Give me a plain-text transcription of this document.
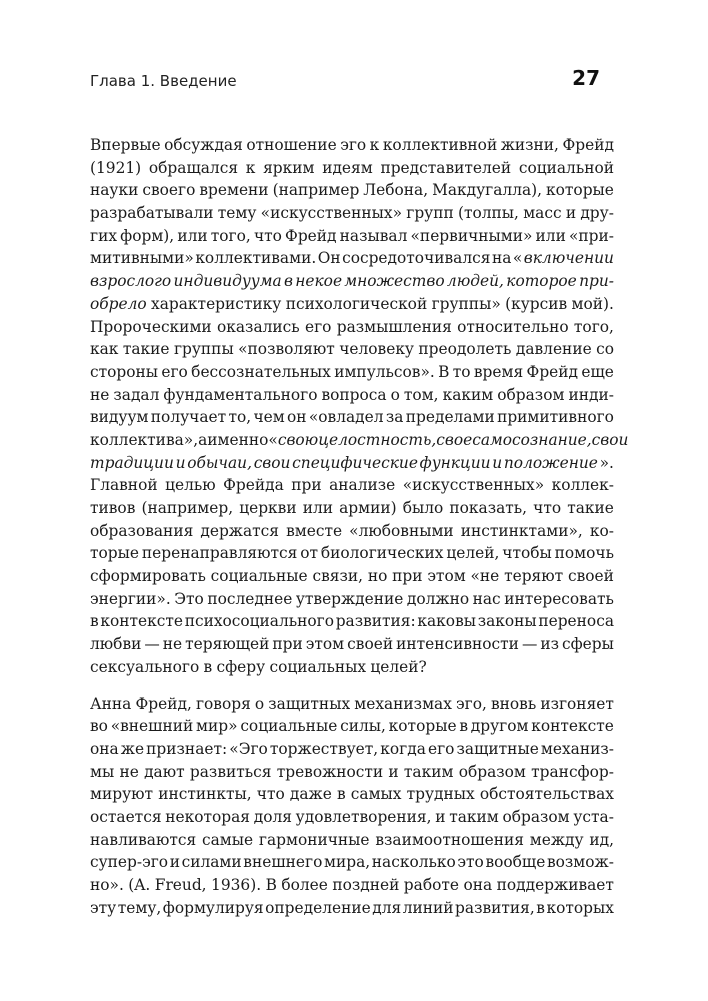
Глава 1. Введение	27
Впервые обсуждая отношение эго к коллективной жизни, Фрейд
(1921) обращался к ярким идеям представителей социальной
науки своего времени (например Лебона, Макдугалла), которые
разрабатывали тему «искусственных» групп (толпы, масс и дру-
гих форм), или того, что Фрейд называл «первичными» или «при-
митивными» коллективами. Он сосредоточивался на « включении
взрослого индивидуума в некое множество людей, которое при-
обрело характеристику психологической группы» (курсив мой).
Пророческими оказались его размышления относительно того,
как такие группы «позволяют человеку преодолеть давление со
стороны его бессознательных импульсов». В то время Фрейд еще
не задал фундаментального вопроса о том, каким образом инди-
видуум получает то, чем он «овладел за пределами примитивного
коллектива», а именно « свою целостность, свое самосознание, свои
традиции и обычаи, свои специфические функции и положение ».
Главной целью Фрейда при анализе «искусственных» коллек-
тивов (например, церкви или армии) было показать, что такие
образования держатся вместе «любовными инстинктами», ко-
торые перенаправляются от биологических целей, чтобы помочь
сформировать социальные связи, но при этом «не теряют своей
энергии». Это последнее утверждение должно нас интересовать
в контексте психосоциального развития: каковы законы переноса
любви — не теряющей при этом своей интенсивности — из сферы
сексуального в сферу социальных целей?
Анна Фрейд, говоря о защитных механизмах эго, вновь изгоняет
во «внешний мир» социальные силы, которые в другом контексте
она же признает: «Эго торжествует, когда его защитные механиз-
мы не дают развиться тревожности и таким образом трансфор-
мируют инстинкты, что даже в самых трудных обстоятельствах
остается некоторая доля удовлетворения, и таким образом уста-
навливаются самые гармоничные взаимоотношения между ид,
супер-эго и силами внешнего мира, насколько это вообще возмож-
но». (A. Freud, 1936). В более поздней работе она поддерживает
эту тему, формулируя определение для линий развития, в которых
